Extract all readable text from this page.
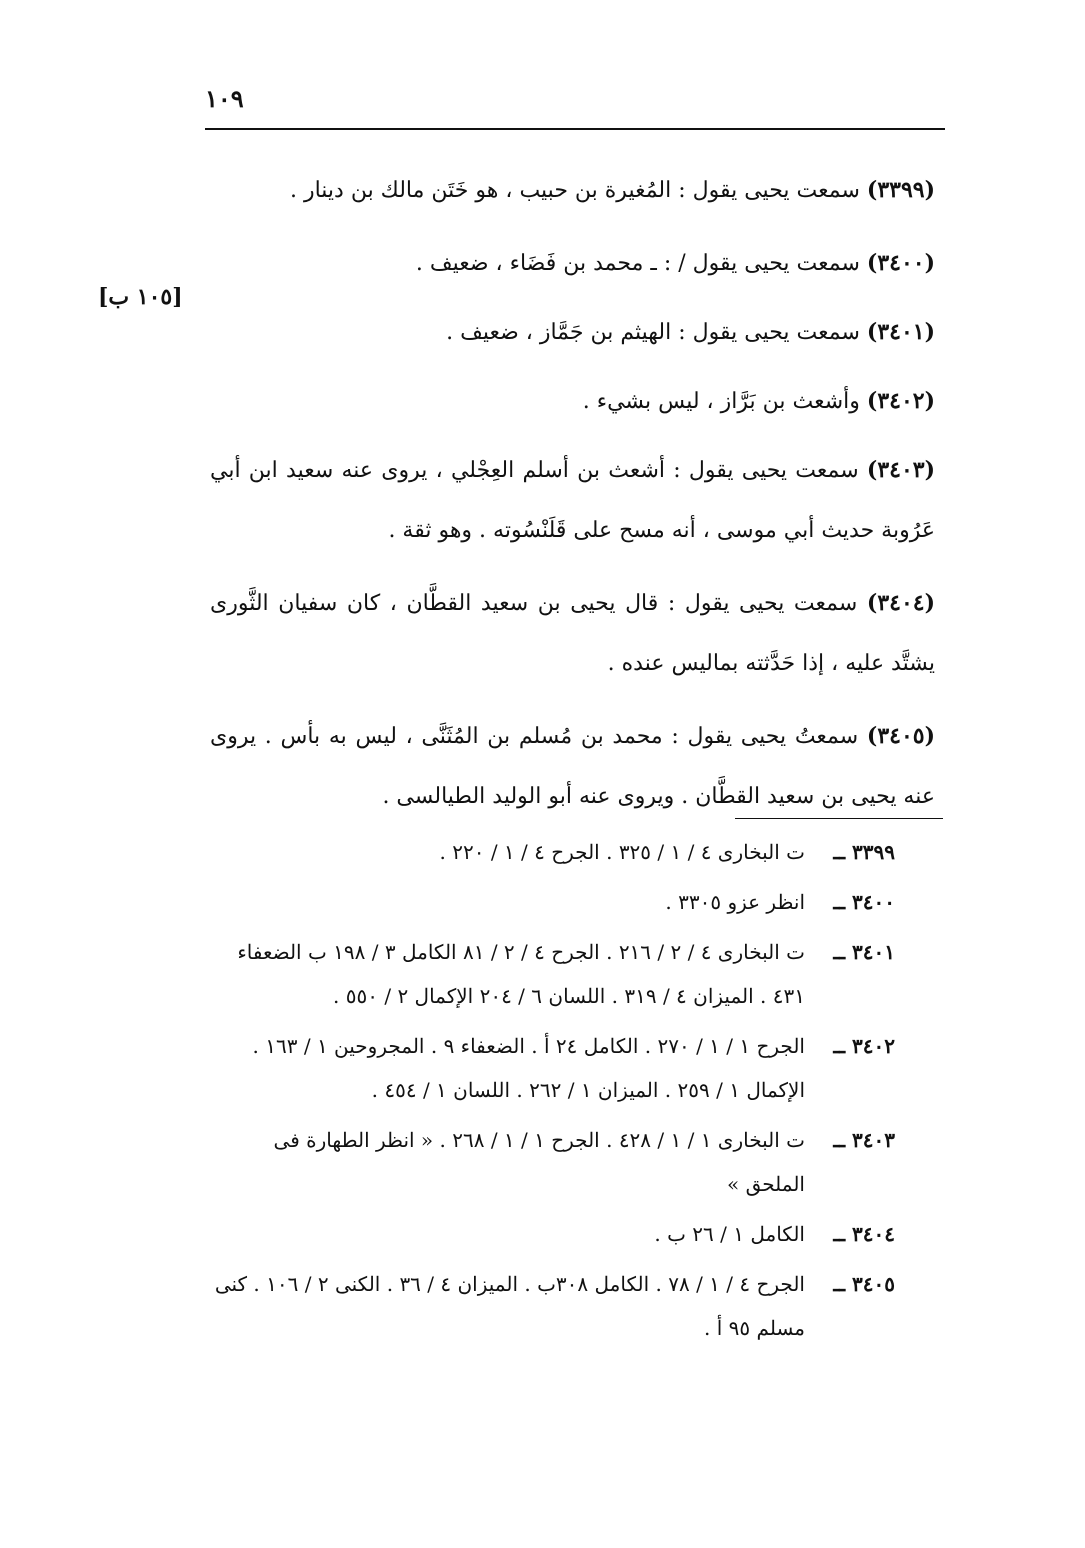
١٠٩
[١٠٥ ب]

(٣٣٩٩) سمعت يحيى يقول : المُغيرة بن حبيب ، هو خَتَن مالك بن دينار .

(٣٤٠٠) سمعت يحيى يقول / : ـ محمد بن فَضَاء ، ضعيف .

(٣٤٠١) سمعت يحيى يقول : الهيثم بن جَمَّاز ، ضعيف .

(٣٤٠٢) وأشعث بن بَرَّاز ، ليس بشيء .

(٣٤٠٣) سمعت يحيى يقول : أشعث بن أسلم العِجْلي ، يروى عنه سعيد ابن أبي عَرُوبة حديث أبي موسى ، أنه مسح على قَلَنْسُوته . وهو ثقة .

(٣٤٠٤) سمعت يحيى يقول : قال يحيى بن سعيد القطَّان ، كان سفيان الثَّورى يشتَّد عليه ، إذا حَدَّثته بماليس عنده .

(٣٤٠٥) سمعتُ يحيى يقول : محمد بن مُسلم بن المُثَنَّى ، ليس به بأس . يروى عنه يحيى بن سعيد القطَّان . ويروى عنه أبو الوليد الطيالسى .

٣٣٩٩ ــ
ت البخارى ٤ / ١ / ٣٢٥ . الجرح ٤ / ١ / ٢٢٠ .
٣٤٠٠ ــ
انظر عزو ٣٣٠٥ .
٣٤٠١ ــ
ت البخارى ٤ / ٢ / ٢١٦ . الجرح ٤ / ٢ / ٨١ الكامل ٣ / ١٩٨ ب الضعفاء ٤٣١ . الميزان ٤ / ٣١٩ . اللسان ٦ / ٢٠٤ الإكمال ٢ / ٥٥٠ .
٣٤٠٢ ــ
الجرح ١ / ١ / ٢٧٠ . الكامل ٢٤ أ . الضعفاء ٩ . المجروحين ١ / ١٦٣ . الإكمال ١ / ٢٥٩ . الميزان ١ / ٢٦٢ . اللسان ١ / ٤٥٤ .
٣٤٠٣ ــ
ت البخارى ١ / ١ / ٤٢٨ . الجرح ١ / ١ / ٢٦٨ . « انظر الطهارة فى الملحق »
٣٤٠٤ ــ
الكامل ١ / ٢٦ ب .
٣٤٠٥ ــ
الجرح ٤ / ١ / ٧٨ . الكامل ٣٠٨ب . الميزان ٤ / ٣٦ . الكنى ٢ / ١٠٦ . كنى مسلم ٩٥ أ .
